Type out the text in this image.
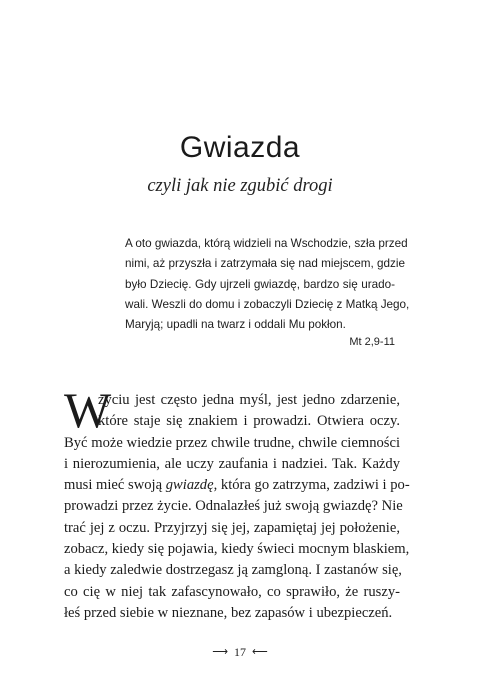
Gwiazda
czyli jak nie zgubić drogi
A oto gwiazda, którą widzieli na Wschodzie, szła przed
nimi, aż przyszła i zatrzymała się nad miejscem, gdzie
było Dziecię. Gdy ujrzeli gwiazdę, bardzo się urado-
wali. Weszli do domu i zobaczyli Dziecię z Matką Jego,
Maryją; upadli na twarz i oddali Mu pokłon.
Mt 2,9-11
W
życiu jest często jedna myśl, jest jedno zdarzenie,
które staje się znakiem i prowadzi. Otwiera oczy.
Być może wiedzie przez chwile trudne, chwile ciemności
i nierozumienia, ale uczy zaufania i nadziei. Tak. Każdy
musi mieć swoją gwiazdę, która go zatrzyma, zadziwi i po-
prowadzi przez życie. Odnalazłeś już swoją gwiazdę? Nie
trać jej z oczu. Przyjrzyj się jej, zapamiętaj jej położenie,
zobacz, kiedy się pojawia, kiedy świeci mocnym blaskiem,
a kiedy zaledwie dostrzegasz ją zamgloną. I zastanów się,
co cię w niej tak zafascynowało, co sprawiło, że ruszy-
łeś przed siebie w nieznane, bez zapasów i ubezpieczeń.
⟶ 17 ⟵
